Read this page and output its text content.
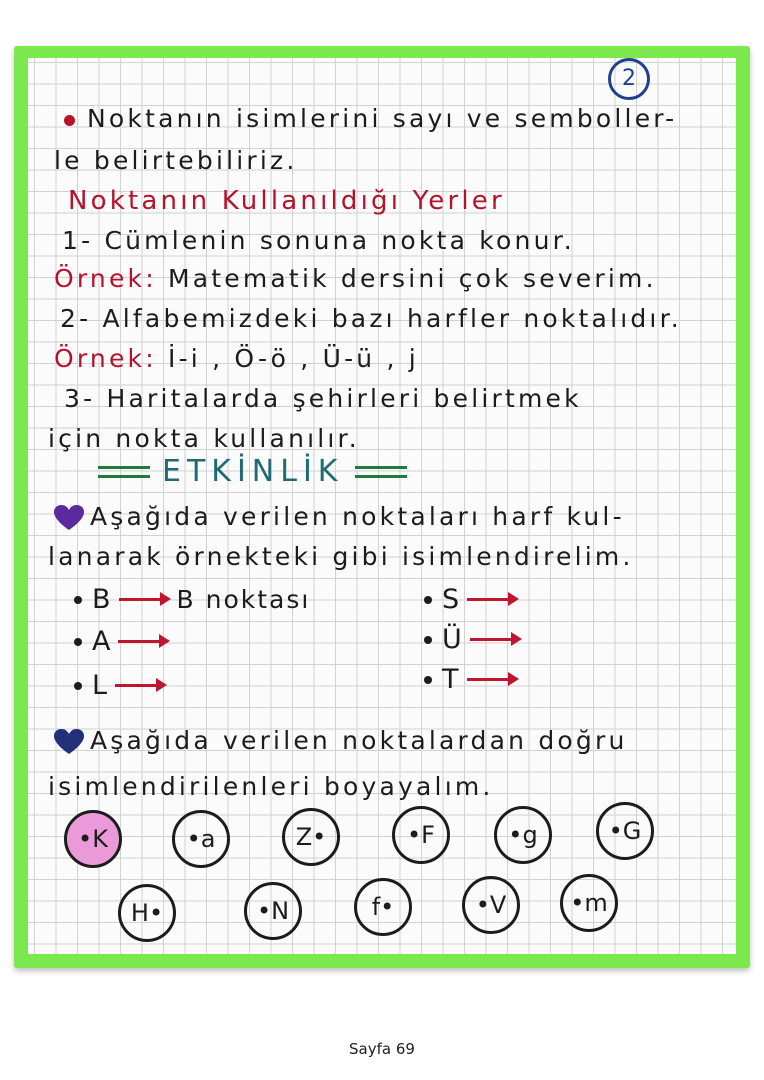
2
Noktanın isimlerini sayı ve semboller-
le belirtebiliriz.
Noktanın Kullanıldığı Yerler
1- Cümlenin sonuna nokta konur.
Örnek: Matematik dersini çok severim.
2- Alfabemizdeki bazı harfler noktalıdır.
Örnek: İ-i , Ö-ö , Ü-ü , j
3- Haritalarda şehirleri belirtmek
için nokta kullanılır.
ETKİNLİK
Aşağıda verilen noktaları harf kul-
lanarak örnekteki gibi isimlendirelim.
B	B noktası
A
L
S
Ü
T
Aşağıda verilen noktalardan doğru
isimlendirilenleri boyayalım.
•K	•a	Z•	•F	•g	•G
H•	•N	f•	•V	•m
Sayfa 69
